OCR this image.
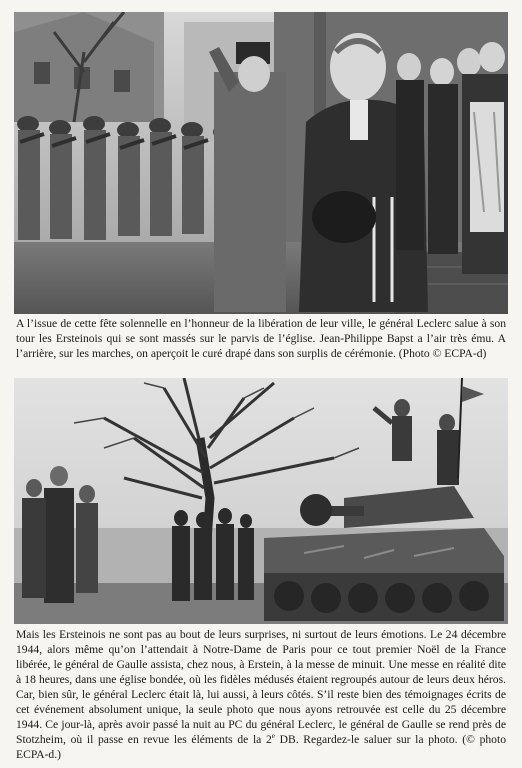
A l’issue de cette fête solennelle en l’honneur de la libération de leur ville, le général Leclerc salue à son tour les Ersteinois qui se sont massés sur le parvis de l’église. Jean-Philippe Bapst a l’air très ému. A l’arrière, sur les marches, on aperçoit le curé drapé dans son surplis de cérémonie. (Photo © ECPA-d)

Mais les Ersteinois ne sont pas au bout de leurs surprises, ni surtout de leurs émotions. Le 24 décembre 1944, alors même qu’on l’attendait à Notre-Dame de Paris pour ce tout premier Noël de la France libérée, le général de Gaulle assista, chez nous, à Erstein, à la messe de minuit. Une messe en réalité dite à 18 heures, dans une église bondée, où les fidèles médusés étaient regroupés autour de leurs deux héros. Car, bien sûr, le général Leclerc était là, lui aussi, à leurs côtés. S’il reste bien des témoignages écrits de cet événement absolument unique, la seule photo que nous ayons retrouvée est celle du 25 décembre 1944. Ce jour-là, après avoir passé la nuit au PC du général Leclerc, le général de Gaulle se rend près de Stotzheim, où il passe en revue les éléments de la 2e DB. Regardez-le saluer sur la photo. (© photo ECPA-d.)
